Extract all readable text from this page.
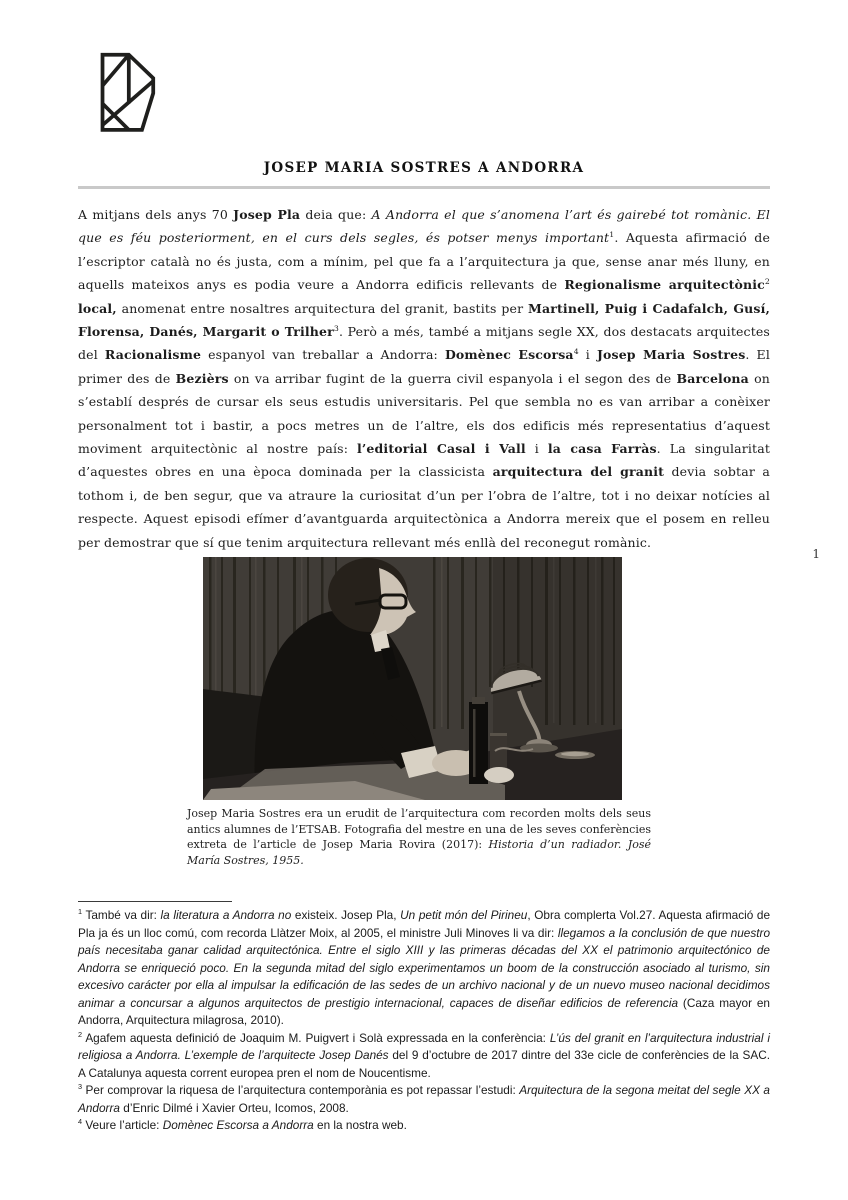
JOSEP MARIA SOSTRES A ANDORRA
A mitjans dels anys 70 Josep Pla deia que: A Andorra el que s’anomena l’art és gairebé tot romànic. El que es féu posteriorment, en el curs dels segles, és potser menys important$^1$. Aquesta afirmació de l’escriptor català no és justa, com a mínim, pel que fa a l’arquitectura ja que, sense anar més lluny, en aquells mateixos anys es podia veure a Andorra edificis rellevants de Regionalisme arquitectònic$^2$ local, anomenat entre nosaltres arquitectura del granit, bastits per Martinell, Puig i Cadafalch, Gusí, Florensa, Danés, Margarit o Trilher$^3$. Però a més, també a mitjans segle XX, dos destacats arquitectes del Racionalisme espanyol van treballar a Andorra: Domènec Escorsa$^4$ i Josep Maria Sostres. El primer des de Bezièrs on va arribar fugint de la guerra civil espanyola i el segon des de Barcelona on s’establí després de cursar els seus estudis universitaris. Pel que sembla no es van arribar a conèixer personalment tot i bastir, a pocs metres un de l’altre, els dos edificis més representatius d’aquest moviment arquitectònic al nostre país: l’editorial Casal i Vall i la casa Farràs. La singularitat d’aquestes obres en una època dominada per la classicista arquitectura del granit devia sobtar a tothom i, de ben segur, que va atraure la curiositat d’un per l’obra de l’altre, tot i no deixar notícies al respecte. Aquest episodi efímer d’avantguarda arquitectònica a Andorra mereix que el posem en relleu per demostrar que sí que tenim arquitectura rellevant més enllà del reconegut romànic.
1
Josep Maria Sostres era un erudit de l’arquitectura com recorden molts dels seus antics alumnes de l’ETSAB. Fotografia del mestre en una de les seves conferències extreta de l’article de Josep Maria Rovira (2017): Historia d’un radiador. José María Sostres, 1955.

$^1$ També va dir: la literatura a Andorra no existeix. Josep Pla, Un petit món del Pirineu, Obra complerta Vol.27. Aquesta afirmació de Pla ja és un lloc comú, com recorda Llàtzer Moix, al 2005, el ministre Juli Minoves li va dir: llegamos a la conclusión de que nuestro país necesitaba ganar calidad arquitectónica. Entre el siglo XIII y las primeras décadas del XX el patrimonio arquitectónico de Andorra se enriqueció poco. En la segunda mitad del siglo experimentamos un boom de la construcción asociado al turismo, sin excesivo carácter por ella al impulsar la edificación de las sedes de un archivo nacional y de un nuevo museo nacional decidimos animar a concursar a algunos arquitectos de prestigio internacional, capaces de diseñar edificios de referencia (Caza mayor en Andorra, Arquitectura milagrosa, 2010).

$^2$ Agafem aquesta definició de Joaquim M. Puigvert i Solà expressada en la conferència: L’ús del granit en l’arquitectura industrial i religiosa a Andorra. L’exemple de l’arquitecte Josep Danés del 9 d’octubre de 2017 dintre del 33e cicle de conferències de la SAC. A Catalunya aquesta corrent europea pren el nom de Noucentisme.

$^3$ Per comprovar la riquesa de l’arquitectura contemporània es pot repassar l’estudi: Arquitectura de la segona meitat del segle XX a Andorra d’Enric Dilmé i Xavier Orteu, Icomos, 2008.

$^4$ Veure l’article: Domènec Escorsa a Andorra en la nostra web.
